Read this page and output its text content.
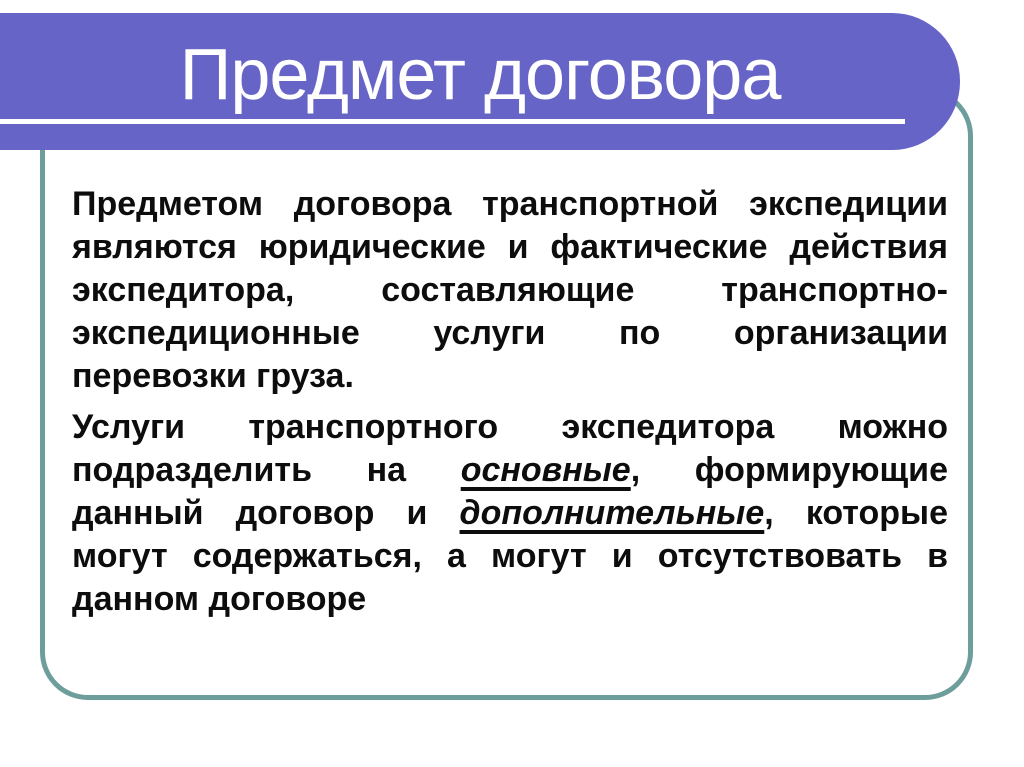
Предмет договора
Предметом договора транспортной экспедиции
являются юридические и фактические действия
экспедитора, составляющие транспортно-
экспедиционные услуги по организации
перевозки груза.
Услуги транспортного экспедитора можно
подразделить на основные, формирующие
данный договор и дополнительные, которые
могут содержаться, а могут и отсутствовать в
данном договоре
